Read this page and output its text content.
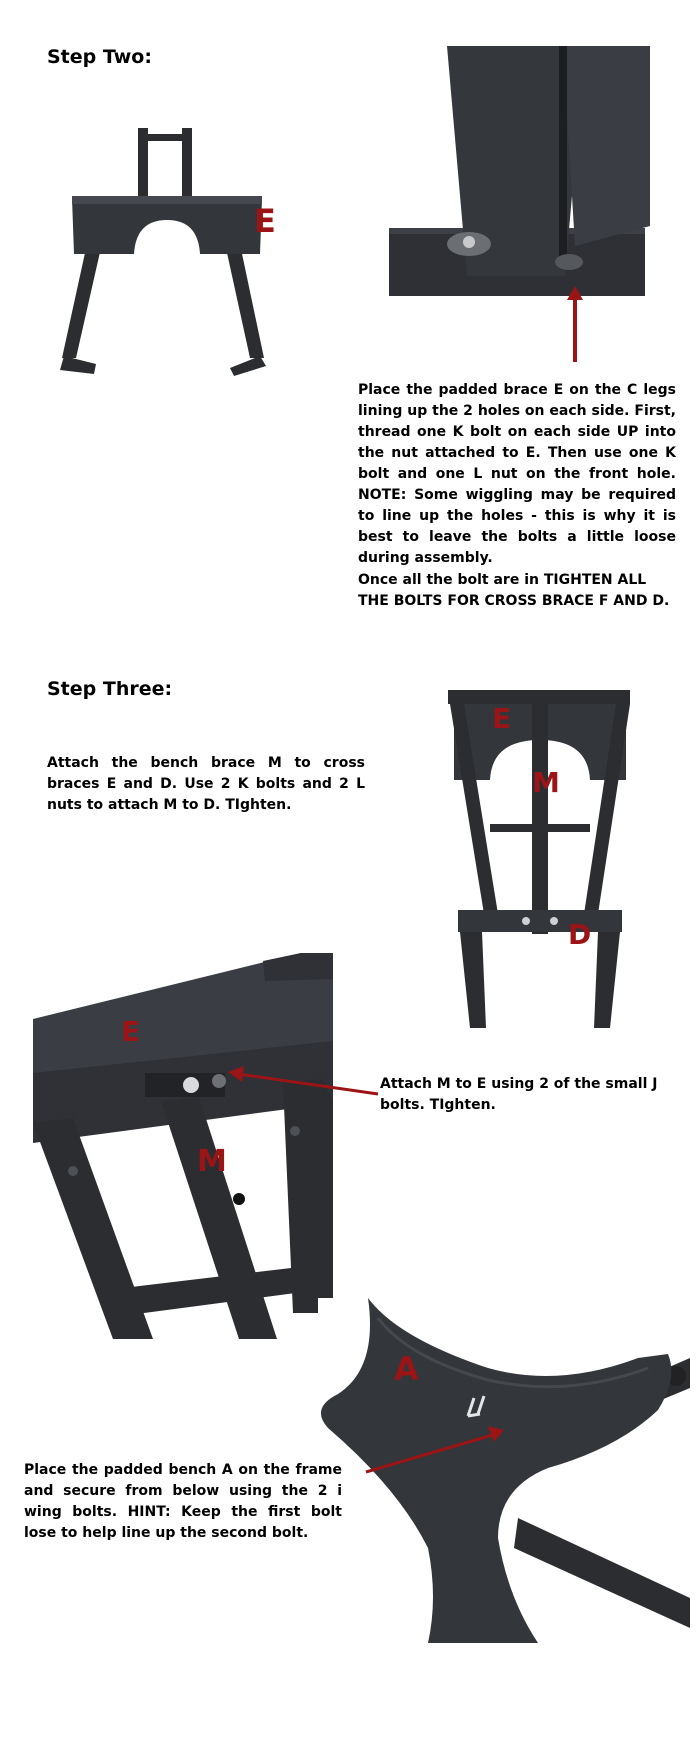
Step Two:
E
Place the padded brace E on the C legs lining up the 2 holes on each side. First, thread one K bolt on each side UP into the nut attached to E. Then use one K bolt and one L nut on the front hole. NOTE: Some wiggling may be required to line up the holes - this is why it is best to leave the bolts a little loose during assembly.
Once all the bolt are in TIGHTEN ALL THE BOLTS FOR CROSS BRACE F AND D.
Step Three:
Attach the bench brace M to cross braces E and D. Use 2 K bolts and 2 L nuts to attach M to D. TIghten.
E
M
D
E
M
Attach M to E using 2 of the small J bolts. TIghten.
A
Place the padded bench A on the frame and secure from below using the 2 i wing bolts. HINT: Keep the first bolt lose to help line up the second bolt.
